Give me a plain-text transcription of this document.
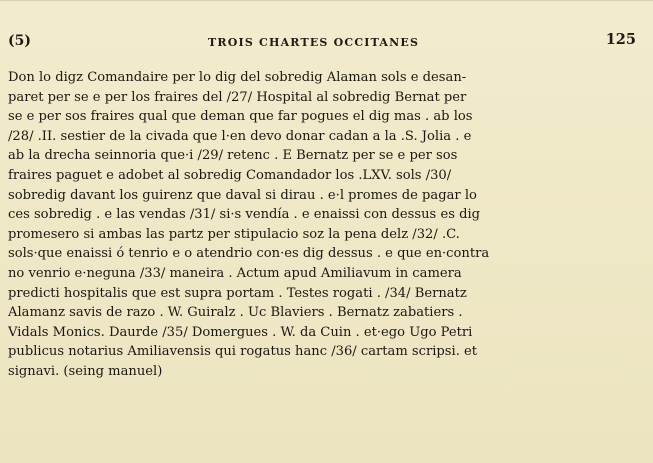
(5)	TROIS CHARTES OCCITANES	125
Don lo digz Comandaire per lo dig del sobredig Alaman sols e desan-
paret per se e per los fraires del /27/ Hospital al sobredig Bernat per
se e per sos fraires qual que deman que far pogues el dig mas . ab los
/28/ .II. sestier de la civada que l·en devo donar cadan a la .S. Jolia . e
ab la drecha seinnoria que·i /29/ retenc . E Bernatz per se e per sos
fraires paguet e adobet al sobredig Comandador los .LXV. sols /30/
sobredig davant los guirenz que daval si dirau . e·l promes de pagar lo
ces sobredig . e las vendas /31/ si·s vendía . e enaissi con dessus es dig
promesero si ambas las partz per stipulacio soz la pena delz /32/ .C.
sols·que enaissi ó tenrio e o atendrio con·es dig dessus . e que en·contra
no venrio e·neguna /33/ maneira . Actum apud Amiliavum in camera
predicti hospitalis que est supra portam . Testes rogati . /34/ Bernatz
Alamanz savis de razo . W. Guiralz . Uc Blaviers . Bernatz zabatiers .
Vidals Monics. Daurde /35/ Domergues . W. da Cuin . et·ego Ugo Petri
publicus notarius Amiliavensis qui rogatus hanc /36/ cartam scripsi. et
signavi. (seing manuel)
